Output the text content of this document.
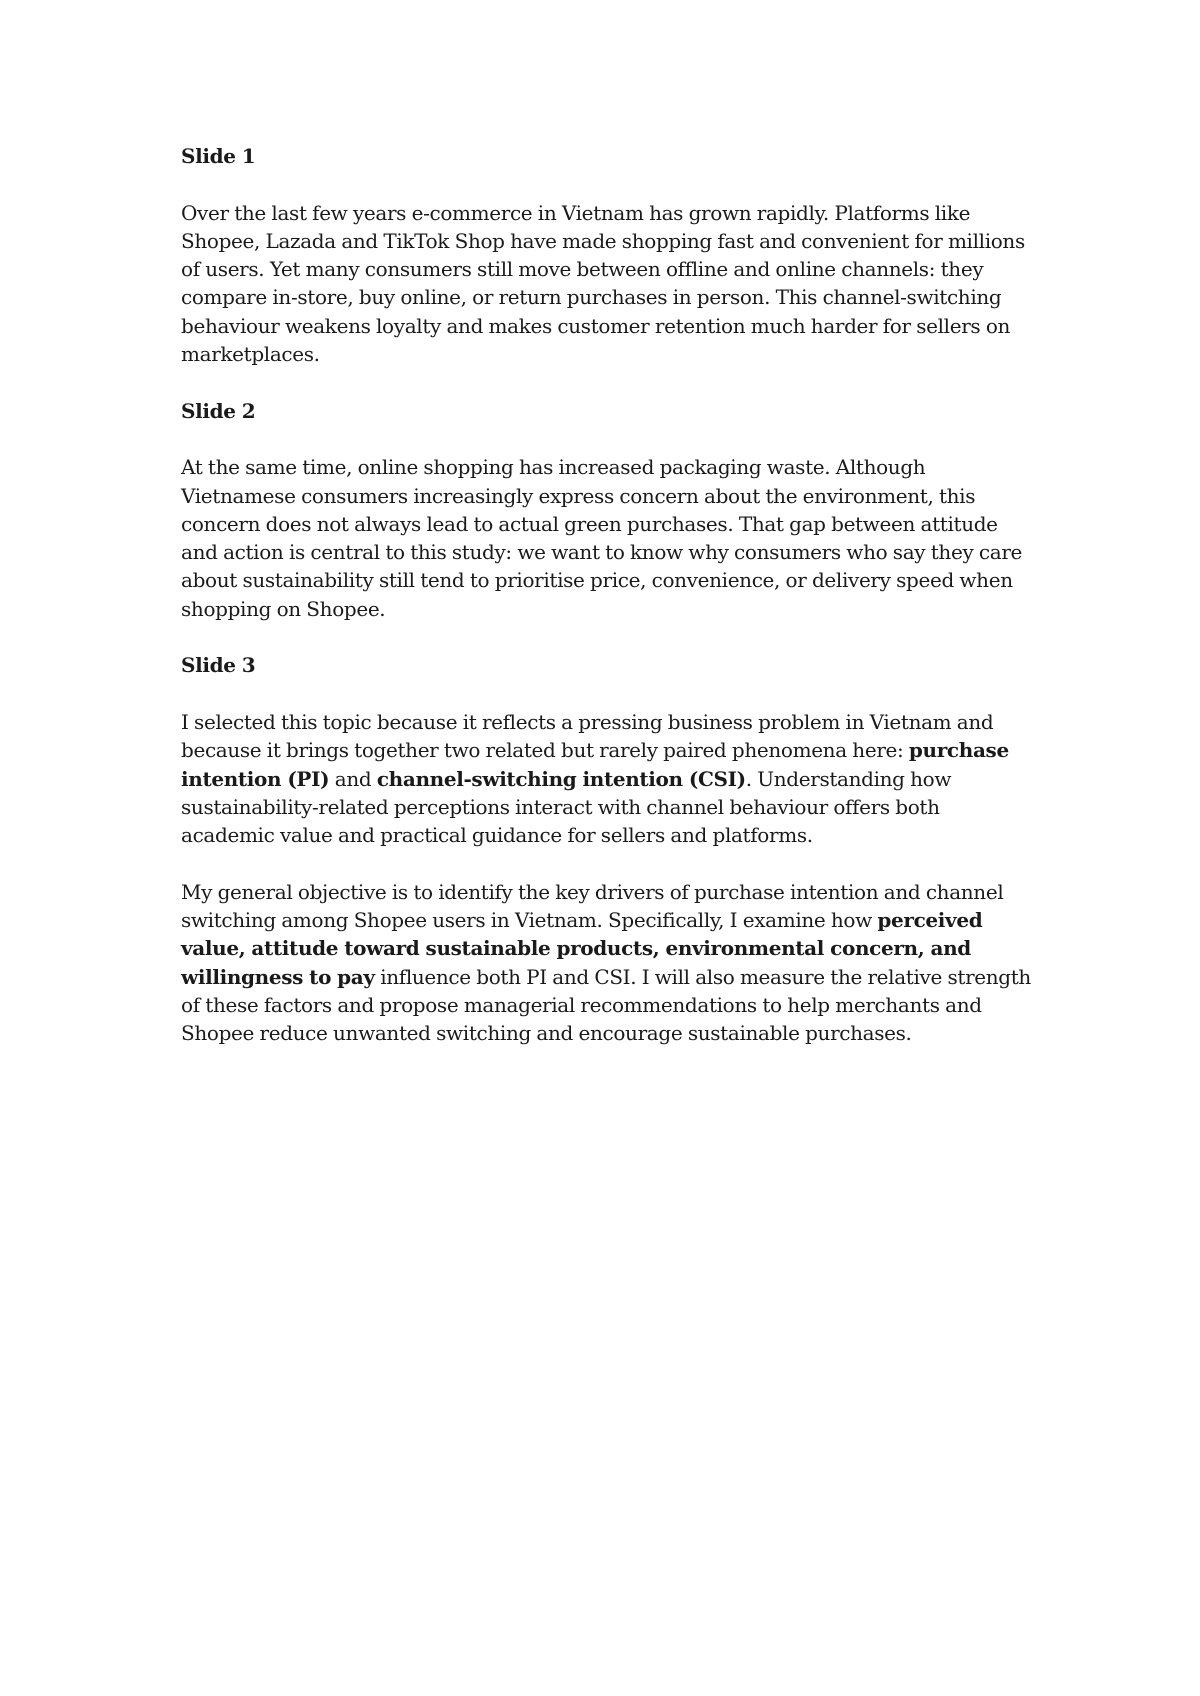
Slide 1
Over the last few years e-commerce in Vietnam has grown rapidly. Platforms like Shopee, Lazada and TikTok Shop have made shopping fast and convenient for millions of users. Yet many consumers still move between offline and online channels: they compare in-store, buy online, or return purchases in person. This channel-switching behaviour weakens loyalty and makes customer retention much harder for sellers on marketplaces.
Slide 2
At the same time, online shopping has increased packaging waste. Although Vietnamese consumers increasingly express concern about the environment, this concern does not always lead to actual green purchases. That gap between attitude and action is central to this study: we want to know why consumers who say they care about sustainability still tend to prioritise price, convenience, or delivery speed when shopping on Shopee.
Slide 3
I selected this topic because it reflects a pressing business problem in Vietnam and because it brings together two related but rarely paired phenomena here: purchase intention (PI) and channel-switching intention (CSI). Understanding how sustainability-related perceptions interact with channel behaviour offers both academic value and practical guidance for sellers and platforms.
My general objective is to identify the key drivers of purchase intention and channel switching among Shopee users in Vietnam. Specifically, I examine how perceived value, attitude toward sustainable products, environmental concern, and willingness to pay influence both PI and CSI. I will also measure the relative strength of these factors and propose managerial recommendations to help merchants and Shopee reduce unwanted switching and encourage sustainable purchases.
